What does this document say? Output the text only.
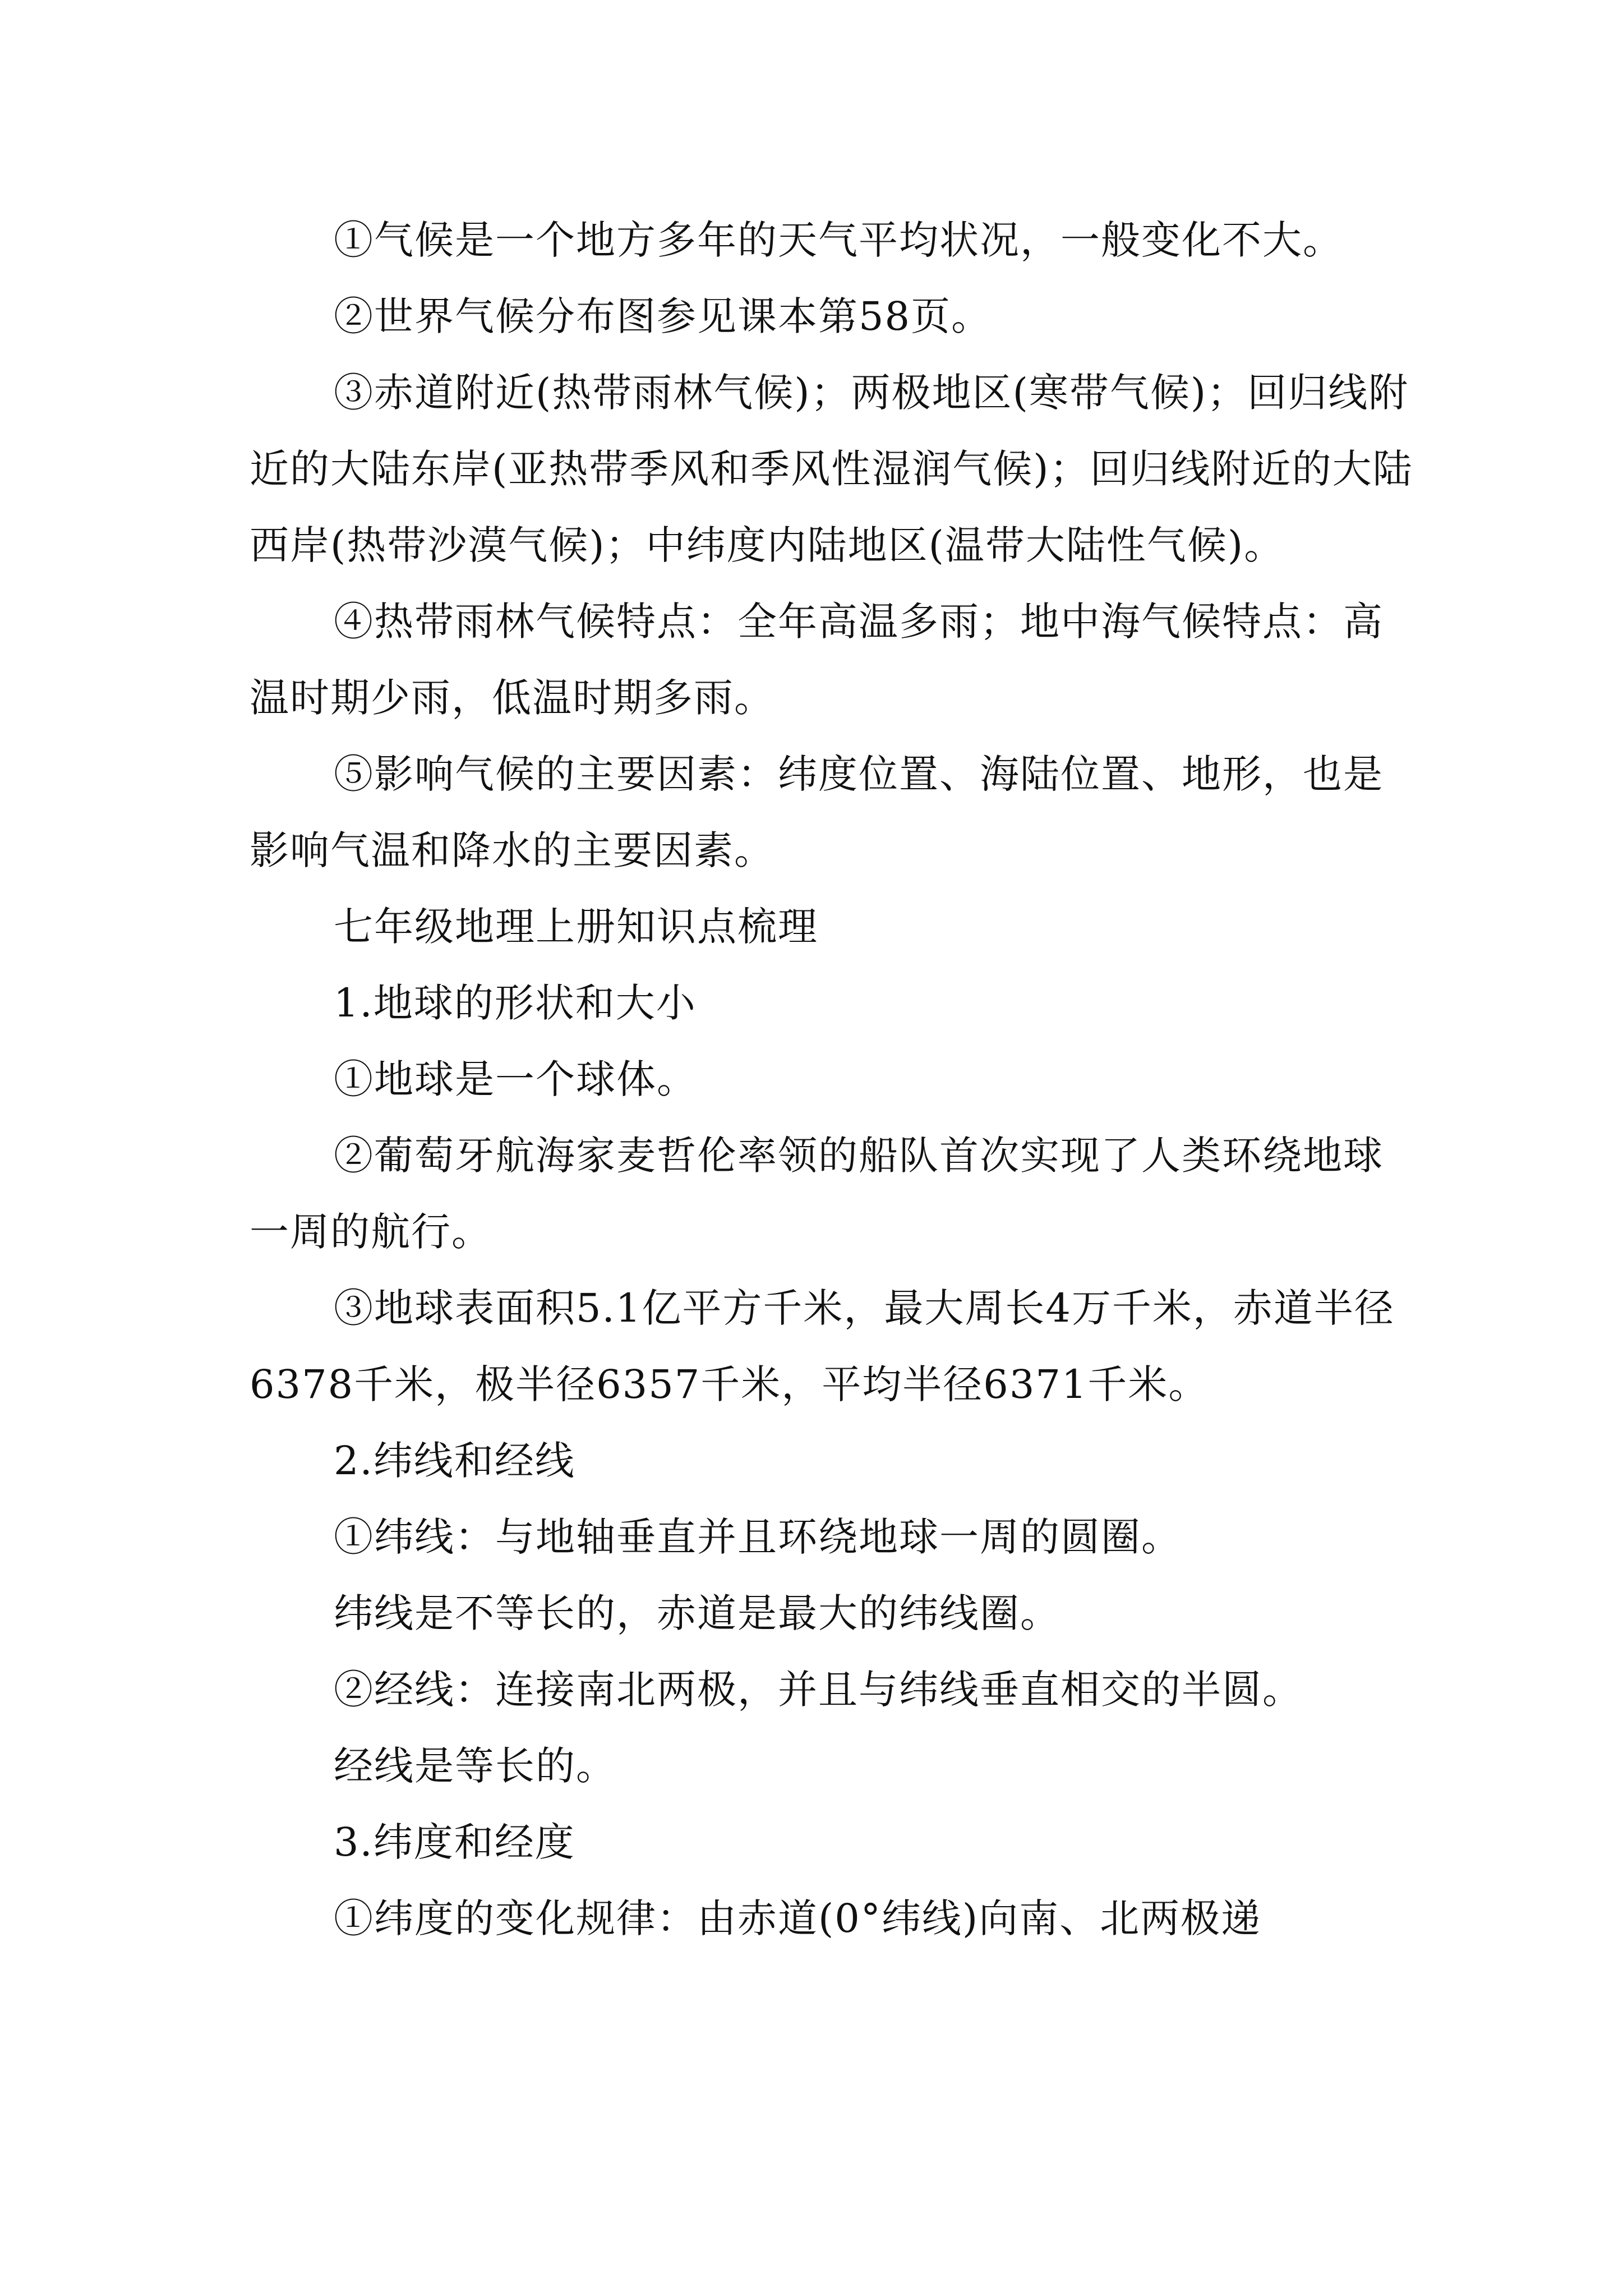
①气候是一个地方多年的天气平均状况，一般变化不大。

②世界气候分布图参见课本第58页。

③赤道附近(热带雨林气候)；两极地区(寒带气候)；回归线附近的大陆东岸(亚热带季风和季风性湿润气候)；回归线附近的大陆西岸(热带沙漠气候)；中纬度内陆地区(温带大陆性气候)。

④热带雨林气候特点：全年高温多雨；地中海气候特点：高温时期少雨，低温时期多雨。

⑤影响气候的主要因素：纬度位置、海陆位置、地形，也是影响气温和降水的主要因素。

七年级地理上册知识点梳理

1.地球的形状和大小

①地球是一个球体。

②葡萄牙航海家麦哲伦率领的船队首次实现了人类环绕地球一周的航行。

③地球表面积5.1亿平方千米，最大周长4万千米，赤道半径6378千米，极半径6357千米，平均半径6371千米。

2.纬线和经线

①纬线：与地轴垂直并且环绕地球一周的圆圈。

纬线是不等长的，赤道是最大的纬线圈。

②经线：连接南北两极，并且与纬线垂直相交的半圆。

经线是等长的。

3.纬度和经度

①纬度的变化规律：由赤道(0°纬线)向南、北两极递
